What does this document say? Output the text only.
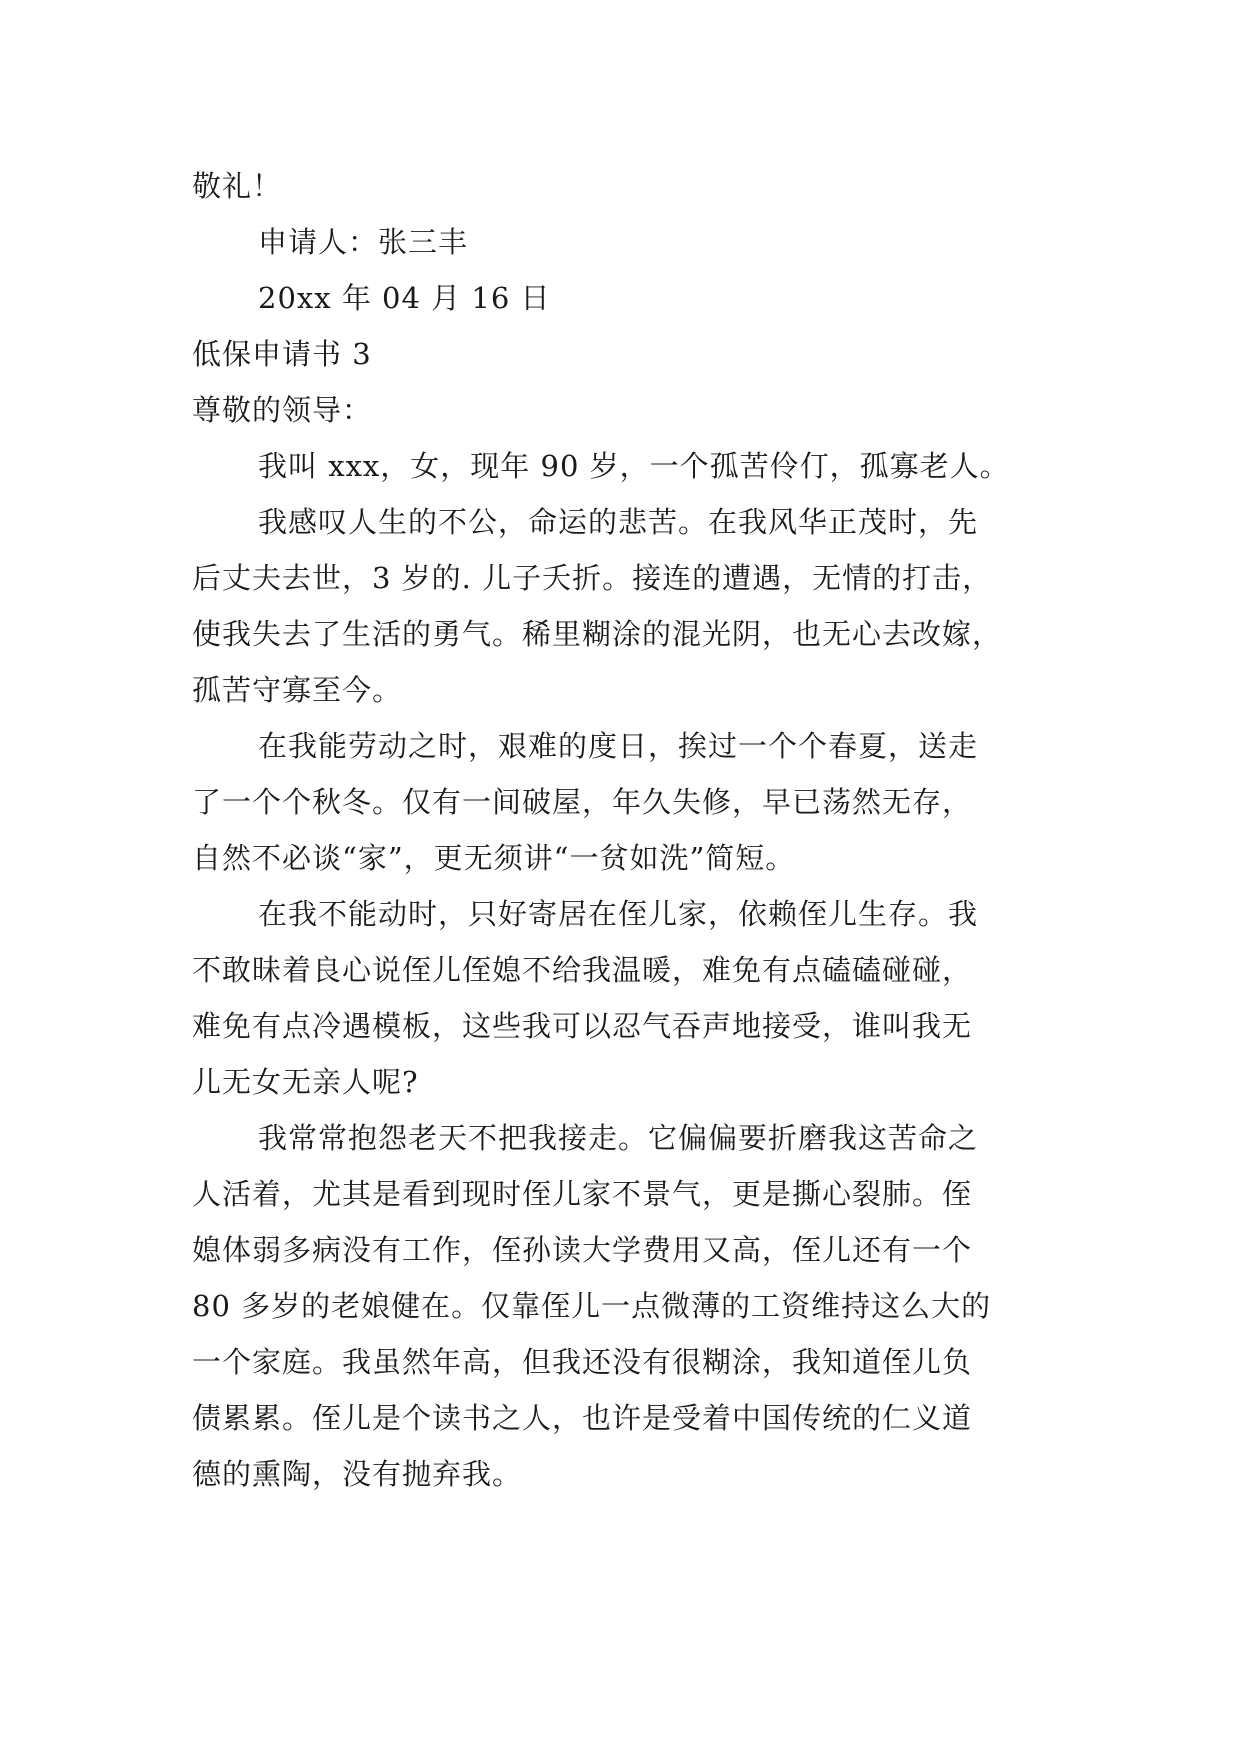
敬礼！
申请人：张三丰
20xx 年 04 月 16 日
低保申请书 3
尊敬的领导：
我叫 xxx，女，现年 90 岁，一个孤苦伶仃，孤寡老人。
我感叹人生的不公，命运的悲苦。在我风华正茂时，先
后丈夫去世，3 岁的. 儿子夭折。接连的遭遇，无情的打击，
使我失去了生活的勇气。稀里糊涂的混光阴，也无心去改嫁，
孤苦守寡至今。
在我能劳动之时，艰难的度日，挨过一个个春夏，送走
了一个个秋冬。仅有一间破屋，年久失修，早已荡然无存，
自然不必谈“家”，更无须讲“一贫如洗”简短。
在我不能动时，只好寄居在侄儿家，依赖侄儿生存。我
不敢昧着良心说侄儿侄媳不给我温暖，难免有点磕磕碰碰，
难免有点冷遇模板，这些我可以忍气吞声地接受，谁叫我无
儿无女无亲人呢?
我常常抱怨老天不把我接走。它偏偏要折磨我这苦命之
人活着，尤其是看到现时侄儿家不景气，更是撕心裂肺。侄
媳体弱多病没有工作，侄孙读大学费用又高，侄儿还有一个
80 多岁的老娘健在。仅靠侄儿一点微薄的工资维持这么大的
一个家庭。我虽然年高，但我还没有很糊涂，我知道侄儿负
债累累。侄儿是个读书之人，也许是受着中国传统的仁义道
德的熏陶，没有抛弃我。
